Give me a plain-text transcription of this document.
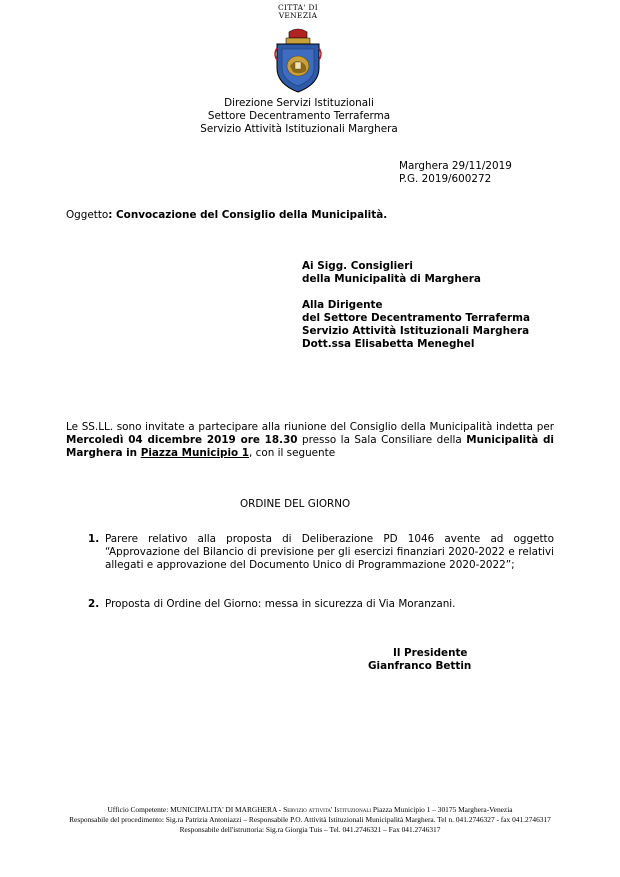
CITTA' DI
VENEZIA
Direzione Servizi Istituzionali
Settore Decentramento Terraferma
Servizio Attività Istituzionali Marghera
Marghera 29/11/2019
P.G. 2019/600272
Oggetto: Convocazione del Consiglio della Municipalità.
Ai Sigg. Consiglieri
della Municipalità di Marghera
Alla Dirigente
del Settore Decentramento Terraferma
Servizio Attività Istituzionali Marghera
Dott.ssa Elisabetta Meneghel
Le SS.LL. sono invitate a partecipare alla riunione del Consiglio della Municipalità indetta per Mercoledì 04 dicembre 2019 ore 18.30 presso la Sala Consiliare della Municipalità di Marghera in Piazza Municipio 1, con il seguente
ORDINE DEL GIORNO
1. Parere relativo alla proposta di Deliberazione PD 1046 avente ad oggetto “Approvazione del Bilancio di previsione per gli esercizi finanziari 2020-2022 e relativi allegati e approvazione del Documento Unico di Programmazione 2020-2022”;
2. Proposta di Ordine del Giorno: messa in sicurezza di Via Moranzani.
Il Presidente
Gianfranco Bettin
Ufficio Competente: MUNICIPALITA' DI MARGHERA - Servizio attivita' Istituzionali Piazza Municipio 1 – 30175 Marghera-Venezia
Responsabile del procedimento: Sig.ra Patrizia Antoniazzi – Responsabile P.O. Attività Istituzionali Municipalità Marghera. Tel n. 041.2746327 - fax 041.2746317
Responsabile dell'istruttoria: Sig.ra Giorgia Tuis – Tel. 041.2746321 – Fax 041.2746317
